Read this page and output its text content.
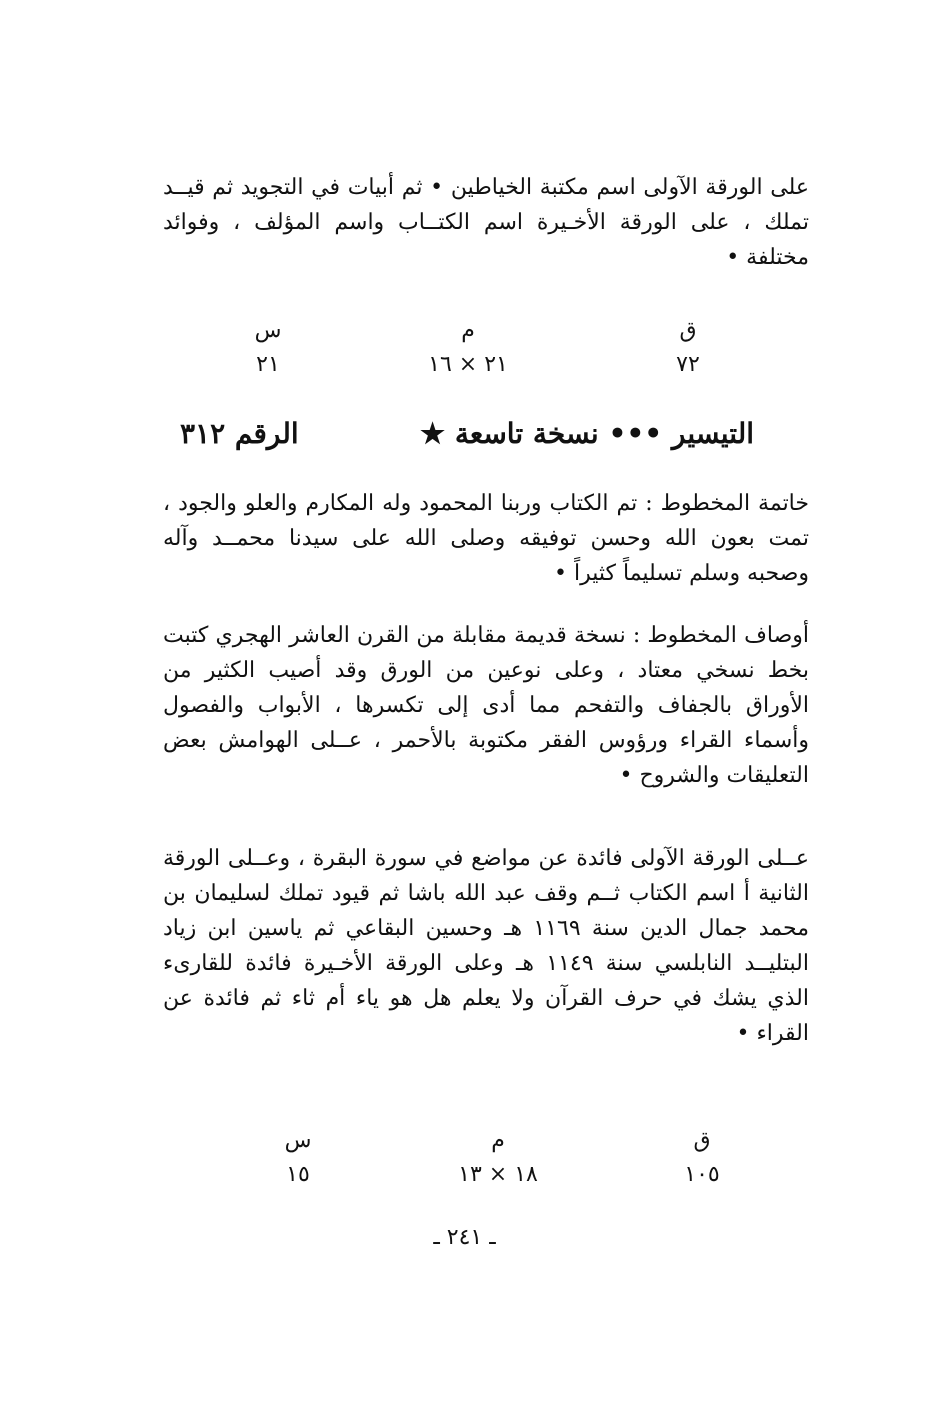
على الورقة الآولى اسم مكتبة الخياطين • ثم أبيات في التجويد ثم قيــد تملك ، على الورقة الأخـيرة اسم الكتــاب واسم المؤلف ، وفوائد مختلفة •

ق
٧٢
م
٢١ × ١٦
س
٢١
التيسير ••• نسخة تاسعة ★
الرقم ٣١٢

خاتمة المخطوط : تم الكتاب وربنا المحمود وله المكارم والعلو والجود ، تمت بعون الله وحسن توفيقه وصلى الله على سيدنا محمــد وآله وصحبه وسلم تسليماً كثيراً •

أوصاف المخطوط : نسخة قديمة مقابلة من القرن العاشر الهجري كتبت بخط نسخي معتاد ، وعلى نوعين من الورق وقد أصيب الكثير من الأوراق بالجفاف والتفحم مما أدى إلى تكسرها ، الأبواب والفصول وأسماء القراء ورؤوس الفقر مكتوبة بالأحمر ، عــلى الهوامش بعض التعليقات والشروح •

عــلى الورقة الآولى فائدة عن مواضع في سورة البقرة ، وعــلى الورقة الثانية أ اسم الكتاب ثــم وقف عبد الله باشا ثم قيود تملك لسليمان بن محمد جمال الدين سنة ١١٦٩ هـ وحسين البقاعي ثم ياسين ابن زياد البتليــد النابلسي سنة ١١٤٩ هـ وعلى الورقة الأخـيرة فائدة للقارىء الذي يشك في حرف القرآن ولا يعلم هل هو ياء أم ثاء ثم فائدة عن القراء •

ق
١٠٥
م
١٨ × ١٣
س
١٥
ـ ٢٤١ ـ
